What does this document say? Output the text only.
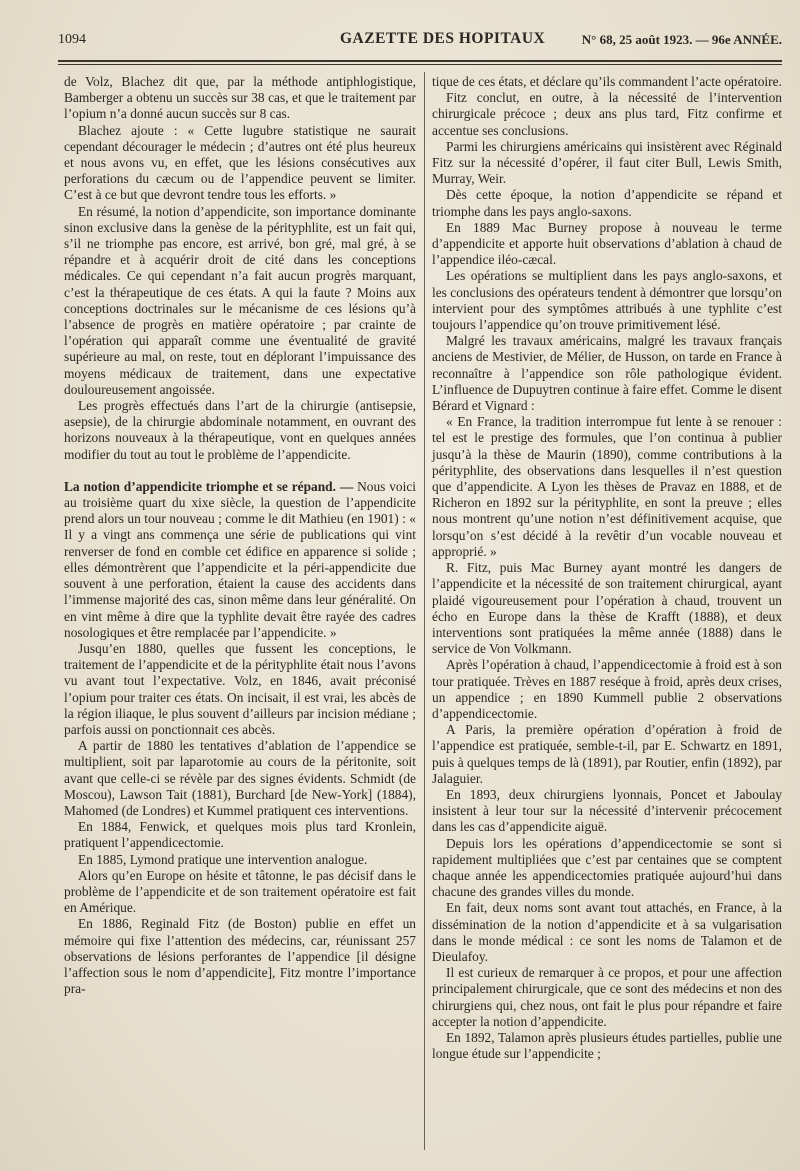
1094	GAZETTE DES HOPITAUX	N° 68, 25 août 1923. — 96e ANNÉE.

de Volz, Blachez dit que, par la méthode antiphlogistique, Bamberger a obtenu un succès sur 38 cas, et que le traitement par l’opium n’a donné aucun succès sur 8 cas.

Blachez ajoute : « Cette lugubre statistique ne saurait cependant décourager le médecin ; d’autres ont été plus heureux et nous avons vu, en effet, que les lésions consécutives aux perforations du cæcum ou de l’appendice peuvent se limiter. C’est à ce but que devront tendre tous les efforts. »

En résumé, la notion d’appendicite, son importance dominante sinon exclusive dans la genèse de la pérityphlite, est un fait qui, s’il ne triomphe pas encore, est arrivé, bon gré, mal gré, à se répandre et à acquérir droit de cité dans les conceptions médicales. Ce qui cependant n’a fait aucun progrès marquant, c’est la thérapeutique de ces états. A qui la faute ? Moins aux conceptions doctrinales sur le mécanisme de ces lésions qu’à l’absence de progrès en matière opératoire ; par crainte de l’opération qui apparaît comme une éventualité de gravité supérieure au mal, on reste, tout en déplorant l’impuissance des moyens médicaux de traitement, dans une expectative douloureusement angoissée.

Les progrès effectués dans l’art de la chirurgie (antisepsie, asepsie), de la chirurgie abdominale notamment, en ouvrant des horizons nouveaux à la thérapeutique, vont en quelques années modifier du tout au tout le problème de l’appendicite.

La notion d’appendicite triomphe et se répand. — Nous voici au troisième quart du xixe siècle, la question de l’appendicite prend alors un tour nouveau ; comme le dit Mathieu (en 1901) : « Il y a vingt ans commença une série de publications qui vint renverser de fond en comble cet édifice en apparence si solide ; elles démontrèrent que l’appendicite et la péri-appendicite due souvent à une perforation, étaient la cause des accidents dans l’immense majorité des cas, sinon même dans leur généralité. On en vint même à dire que la typhlite devait être rayée des cadres nosologiques et être remplacée par l’appendicite. »

Jusqu’en 1880, quelles que fussent les conceptions, le traitement de l’appendicite et de la pérityphlite était nous l’avons vu avant tout l’expectative. Volz, en 1846, avait préconisé l’opium pour traiter ces états. On incisait, il est vrai, les abcès de la région iliaque, le plus souvent d’ailleurs par incision médiane ; parfois aussi on ponctionnait ces abcès.

A partir de 1880 les tentatives d’ablation de l’appendice se multiplient, soit par laparotomie au cours de la péritonite, soit avant que celle-ci se révèle par des signes évidents. Schmidt (de Moscou), Lawson Tait (1881), Burchard [de New-York] (1884), Mahomed (de Londres) et Kummel pratiquent ces interventions.

En 1884, Fenwick, et quelques mois plus tard Kronlein, pratiquent l’appendicectomie.

En 1885, Lymond pratique une intervention analogue.

Alors qu’en Europe on hésite et tâtonne, le pas décisif dans le problème de l’appendicite et de son traitement opératoire est fait en Amérique.

En 1886, Reginald Fitz (de Boston) publie en effet un mémoire qui fixe l’attention des médecins, car, réunissant 257 observations de lésions perforantes de l’appendice [il désigne l’affection sous le nom d’appendicite], Fitz montre l’importance pra-

tique de ces états, et déclare qu’ils commandent l’acte opératoire.

Fitz conclut, en outre, à la nécessité de l’intervention chirurgicale précoce ; deux ans plus tard, Fitz confirme et accentue ses conclusions.

Parmi les chirurgiens américains qui insistèrent avec Réginald Fitz sur la nécessité d’opérer, il faut citer Bull, Lewis Smith, Murray, Weir.

Dès cette époque, la notion d’appendicite se répand et triomphe dans les pays anglo-saxons.

En 1889 Mac Burney propose à nouveau le terme d’appendicite et apporte huit observations d’ablation à chaud de l’appendice iléo-cæcal.

Les opérations se multiplient dans les pays anglo-saxons, et les conclusions des opérateurs tendent à démontrer que lorsqu’on intervient pour des symptômes attribués à une typhlite c’est toujours l’appendice qu’on trouve primitivement lésé.

Malgré les travaux américains, malgré les travaux français anciens de Mestivier, de Mélier, de Husson, on tarde en France à reconnaître à l’appendice son rôle pathologique évident. L’influence de Dupuytren continue à faire effet. Comme le disent Bérard et Vignard :

« En France, la tradition interrompue fut lente à se renouer : tel est le prestige des formules, que l’on continua à publier jusqu’à la thèse de Maurin (1890), comme contributions à la pérityphlite, des observations dans lesquelles il n’est question que d’appendicite. A Lyon les thèses de Pravaz en 1888, et de Richeron en 1892 sur la pérityphlite, en sont la preuve ; elles nous montrent qu’une notion n’est définitivement acquise, que lorsqu’on s’est décidé à la revêtir d’un vocable nouveau et approprié. »

R. Fitz, puis Mac Burney ayant montré les dangers de l’appendicite et la nécessité de son traitement chirurgical, ayant plaidé vigoureusement pour l’opération à chaud, trouvent un écho en Europe dans la thèse de Krafft (1888), et deux interventions sont pratiquées la même année (1888) dans le service de Von Volkmann.

Après l’opération à chaud, l’appendicectomie à froid est à son tour pratiquée. Trèves en 1887 reséque à froid, après deux crises, un appendice ; en 1890 Kummell publie 2 observations d’appendicectomie.

A Paris, la première opération d’opération à froid de l’appendice est pratiquée, semble-t-il, par E. Schwartz en 1891, puis à quelques temps de là (1891), par Routier, enfin (1892), par Jalaguier.

En 1893, deux chirurgiens lyonnais, Poncet et Jaboulay insistent à leur tour sur la nécessité d’intervenir précocement dans les cas d’appendicite aiguë.

Depuis lors les opérations d’appendicectomie se sont si rapidement multipliées que c’est par centaines que se comptent chaque année les appendicectomies pratiquée aujourd’hui dans chacune des grandes villes du monde.

En fait, deux noms sont avant tout attachés, en France, à la dissémination de la notion d’appendicite et à sa vulgarisation dans le monde médical : ce sont les noms de Talamon et de Dieulafoy.

Il est curieux de remarquer à ce propos, et pour une affection principalement chirurgicale, que ce sont des médecins et non des chirurgiens qui, chez nous, ont fait le plus pour répandre et faire accepter la notion d’appendicite.

En 1892, Talamon après plusieurs études partielles, publie une longue étude sur l’appendicite ;
